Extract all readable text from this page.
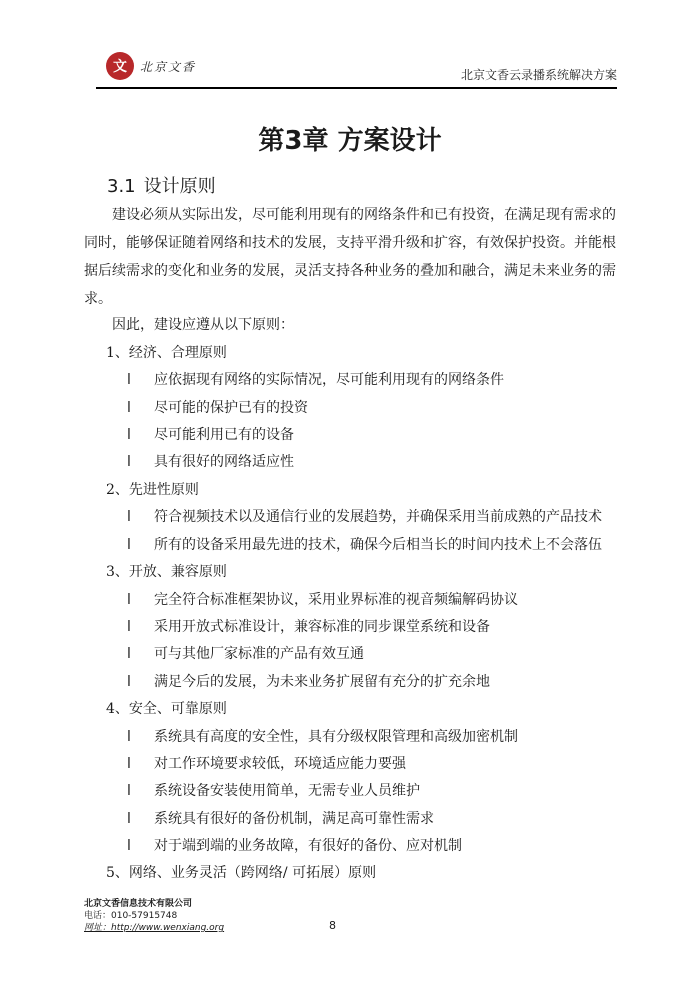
文	北京文香
北京文香云录播系统解决方案
第3章 方案设计
3.1 设计原则
建设必须从实际出发，尽可能利用现有的网络条件和已有投资，在满足现有需求的同时，能够保证随着网络和技术的发展，支持平滑升级和扩容，有效保护投资。并能根据后续需求的变化和业务的发展，灵活支持各种业务的叠加和融合，满足未来业务的需求。
因此，建设应遵从以下原则：
1、经济、合理原则
l 应依据现有网络的实际情况，尽可能利用现有的网络条件
l 尽可能的保护已有的投资
l 尽可能利用已有的设备
l 具有很好的网络适应性
2、先进性原则
l 符合视频技术以及通信行业的发展趋势，并确保采用当前成熟的产品技术
l 所有的设备采用最先进的技术，确保今后相当长的时间内技术上不会落伍
3、开放、兼容原则
l 完全符合标准框架协议，采用业界标准的视音频编解码协议
l 采用开放式标准设计，兼容标准的同步课堂系统和设备
l 可与其他厂家标准的产品有效互通
l 满足今后的发展，为未来业务扩展留有充分的扩充余地
4、安全、可靠原则
l 系统具有高度的安全性，具有分级权限管理和高级加密机制
l 对工作环境要求较低，环境适应能力要强
l 系统设备安装使用简单，无需专业人员维护
l 系统具有很好的备份机制，满足高可靠性需求
l 对于端到端的业务故障，有很好的备份、应对机制
5、网络、业务灵活（跨网络/ 可拓展）原则
北京文香信息技术有限公司
电话：010-57915748
网址：http://www.wenxiang.org	8
